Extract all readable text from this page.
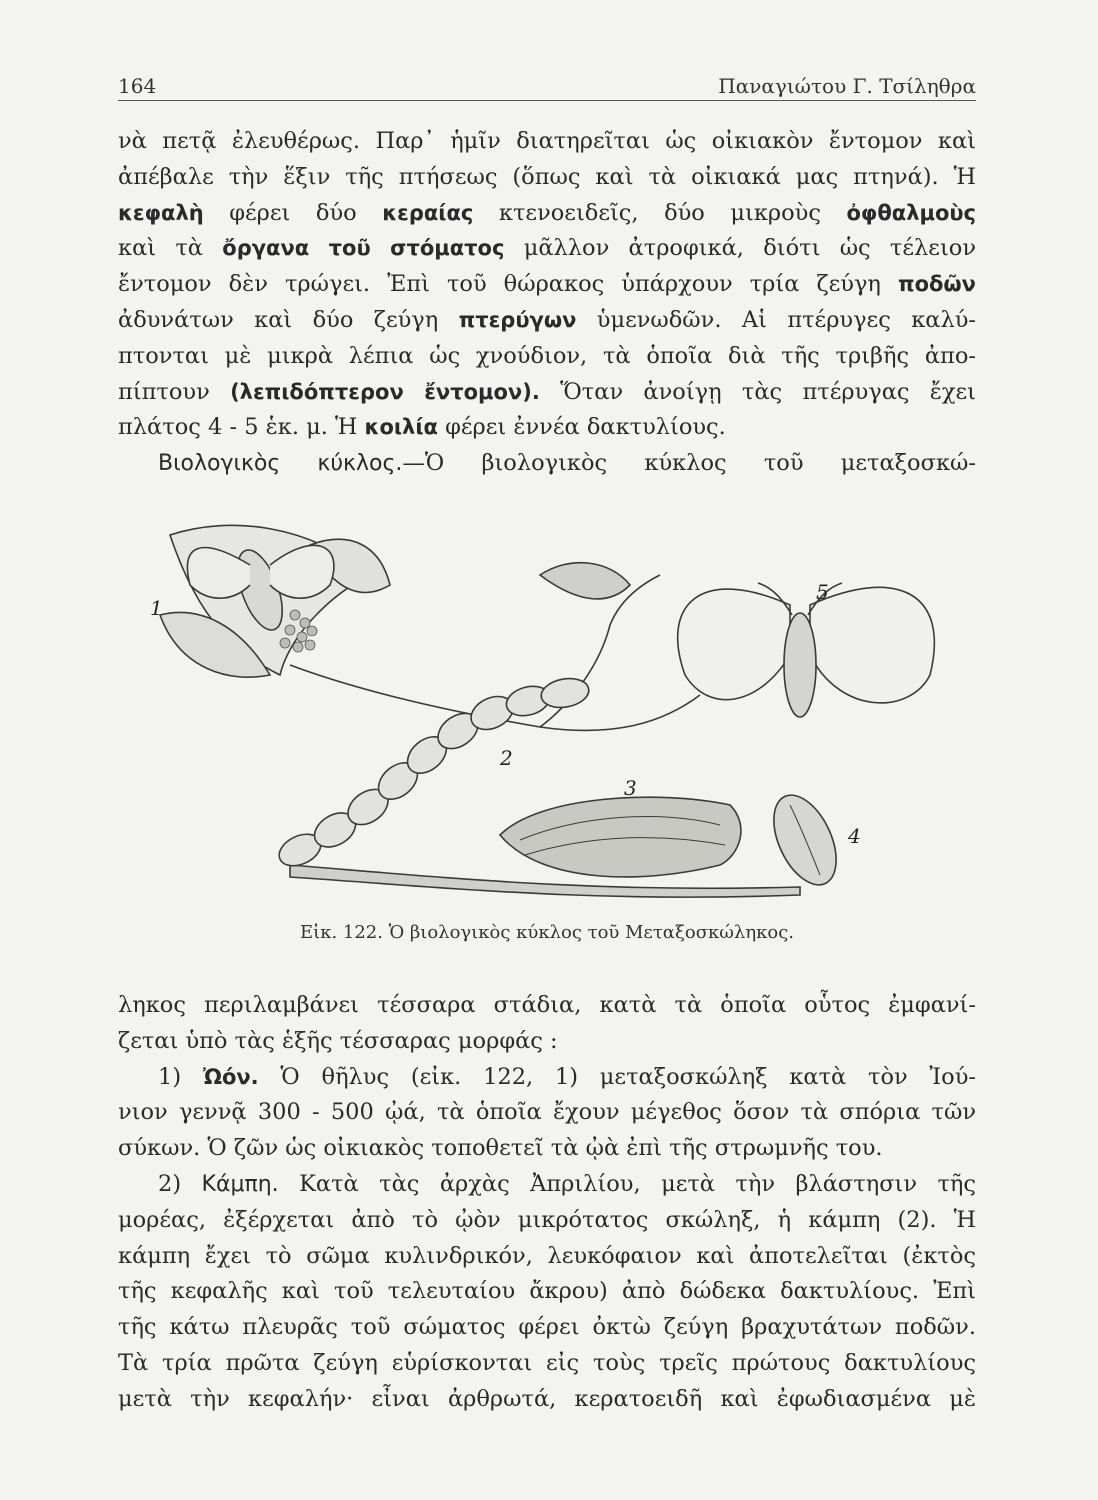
164	Παναγιώτου Γ. Τσίληθρα
νὰ πετᾷ ἐλευθέρως. Παρ᾽ ἡμῖν διατηρεῖται ὡς οἰκιακὸν ἔντομον καὶ
ἀπέβαλε τὴν ἕξιν τῆς πτήσεως (ὅπως καὶ τὰ οἰκιακά μας πτηνά). Ἡ
κεφαλὴ φέρει δύο κεραίας κτενοειδεῖς, δύο μικροὺς ὀφθαλμοὺς
καὶ τὰ ὄργανα τοῦ στόματος μᾶλλον ἀτροφικά, διότι ὡς τέλειον
ἔντομον δὲν τρώγει. Ἐπὶ τοῦ θώρακος ὑπάρχουν τρία ζεύγη ποδῶν
ἀδυνάτων καὶ δύο ζεύγη πτερύγων ὑμενωδῶν. Αἱ πτέρυγες καλύ-
πτονται μὲ μικρὰ λέπια ὡς χνούδιον, τὰ ὁποῖα διὰ τῆς τριβῆς ἀπο-
πίπτουν (λεπιδόπτερον ἔντομον). Ὅταν ἀνοίγῃ τὰς πτέρυγας ἔχει
πλάτος 4 - 5 ἑκ. μ. Ἡ κοιλία φέρει ἐννέα δακτυλίους.
Βιολογικὸς κύκλος.—Ὁ βιολογικὸς κύκλος τοῦ μεταξοσκώ-
1
2
3
4
5
Εἰκ. 122. Ὁ βιολογικὸς κύκλος τοῦ Μεταξοσκώληκος.
ληκος περιλαμβάνει τέσσαρα στάδια, κατὰ τὰ ὁποῖα οὗτος ἐμφανί-
ζεται ὑπὸ τὰς ἑξῆς τέσσαρας μορφάς :
1) Ὠόν. Ὁ θῆλυς (εἰκ. 122, 1) μεταξοσκώληξ κατὰ τὸν Ἰού-
νιον γεννᾷ 300 - 500 ᾠά, τὰ ὁποῖα ἔχουν μέγεθος ὅσον τὰ σπόρια τῶν
σύκων. Ὁ ζῶν ὡς οἰκιακὸς τοποθετεῖ τὰ ᾠὰ ἐπὶ τῆς στρωμνῆς του.
2) Κάμπη. Κατὰ τὰς ἀρχὰς Ἀπριλίου, μετὰ τὴν βλάστησιν τῆς
μορέας, ἐξέρχεται ἀπὸ τὸ ᾠὸν μικρότατος σκώληξ, ἡ κάμπη (2). Ἡ
κάμπη ἔχει τὸ σῶμα κυλινδρικόν, λευκόφαιον καὶ ἀποτελεῖται (ἐκτὸς
τῆς κεφαλῆς καὶ τοῦ τελευταίου ἄκρου) ἀπὸ δώδεκα δακτυλίους. Ἐπὶ
τῆς κάτω πλευρᾶς τοῦ σώματος φέρει ὀκτὼ ζεύγη βραχυτάτων ποδῶν.
Τὰ τρία πρῶτα ζεύγη εὑρίσκονται εἰς τοὺς τρεῖς πρώτους δακτυλίους
μετὰ τὴν κεφαλήν· εἶναι ἀρθρωτά, κερατοειδῆ καὶ ἐφωδιασμένα μὲ
